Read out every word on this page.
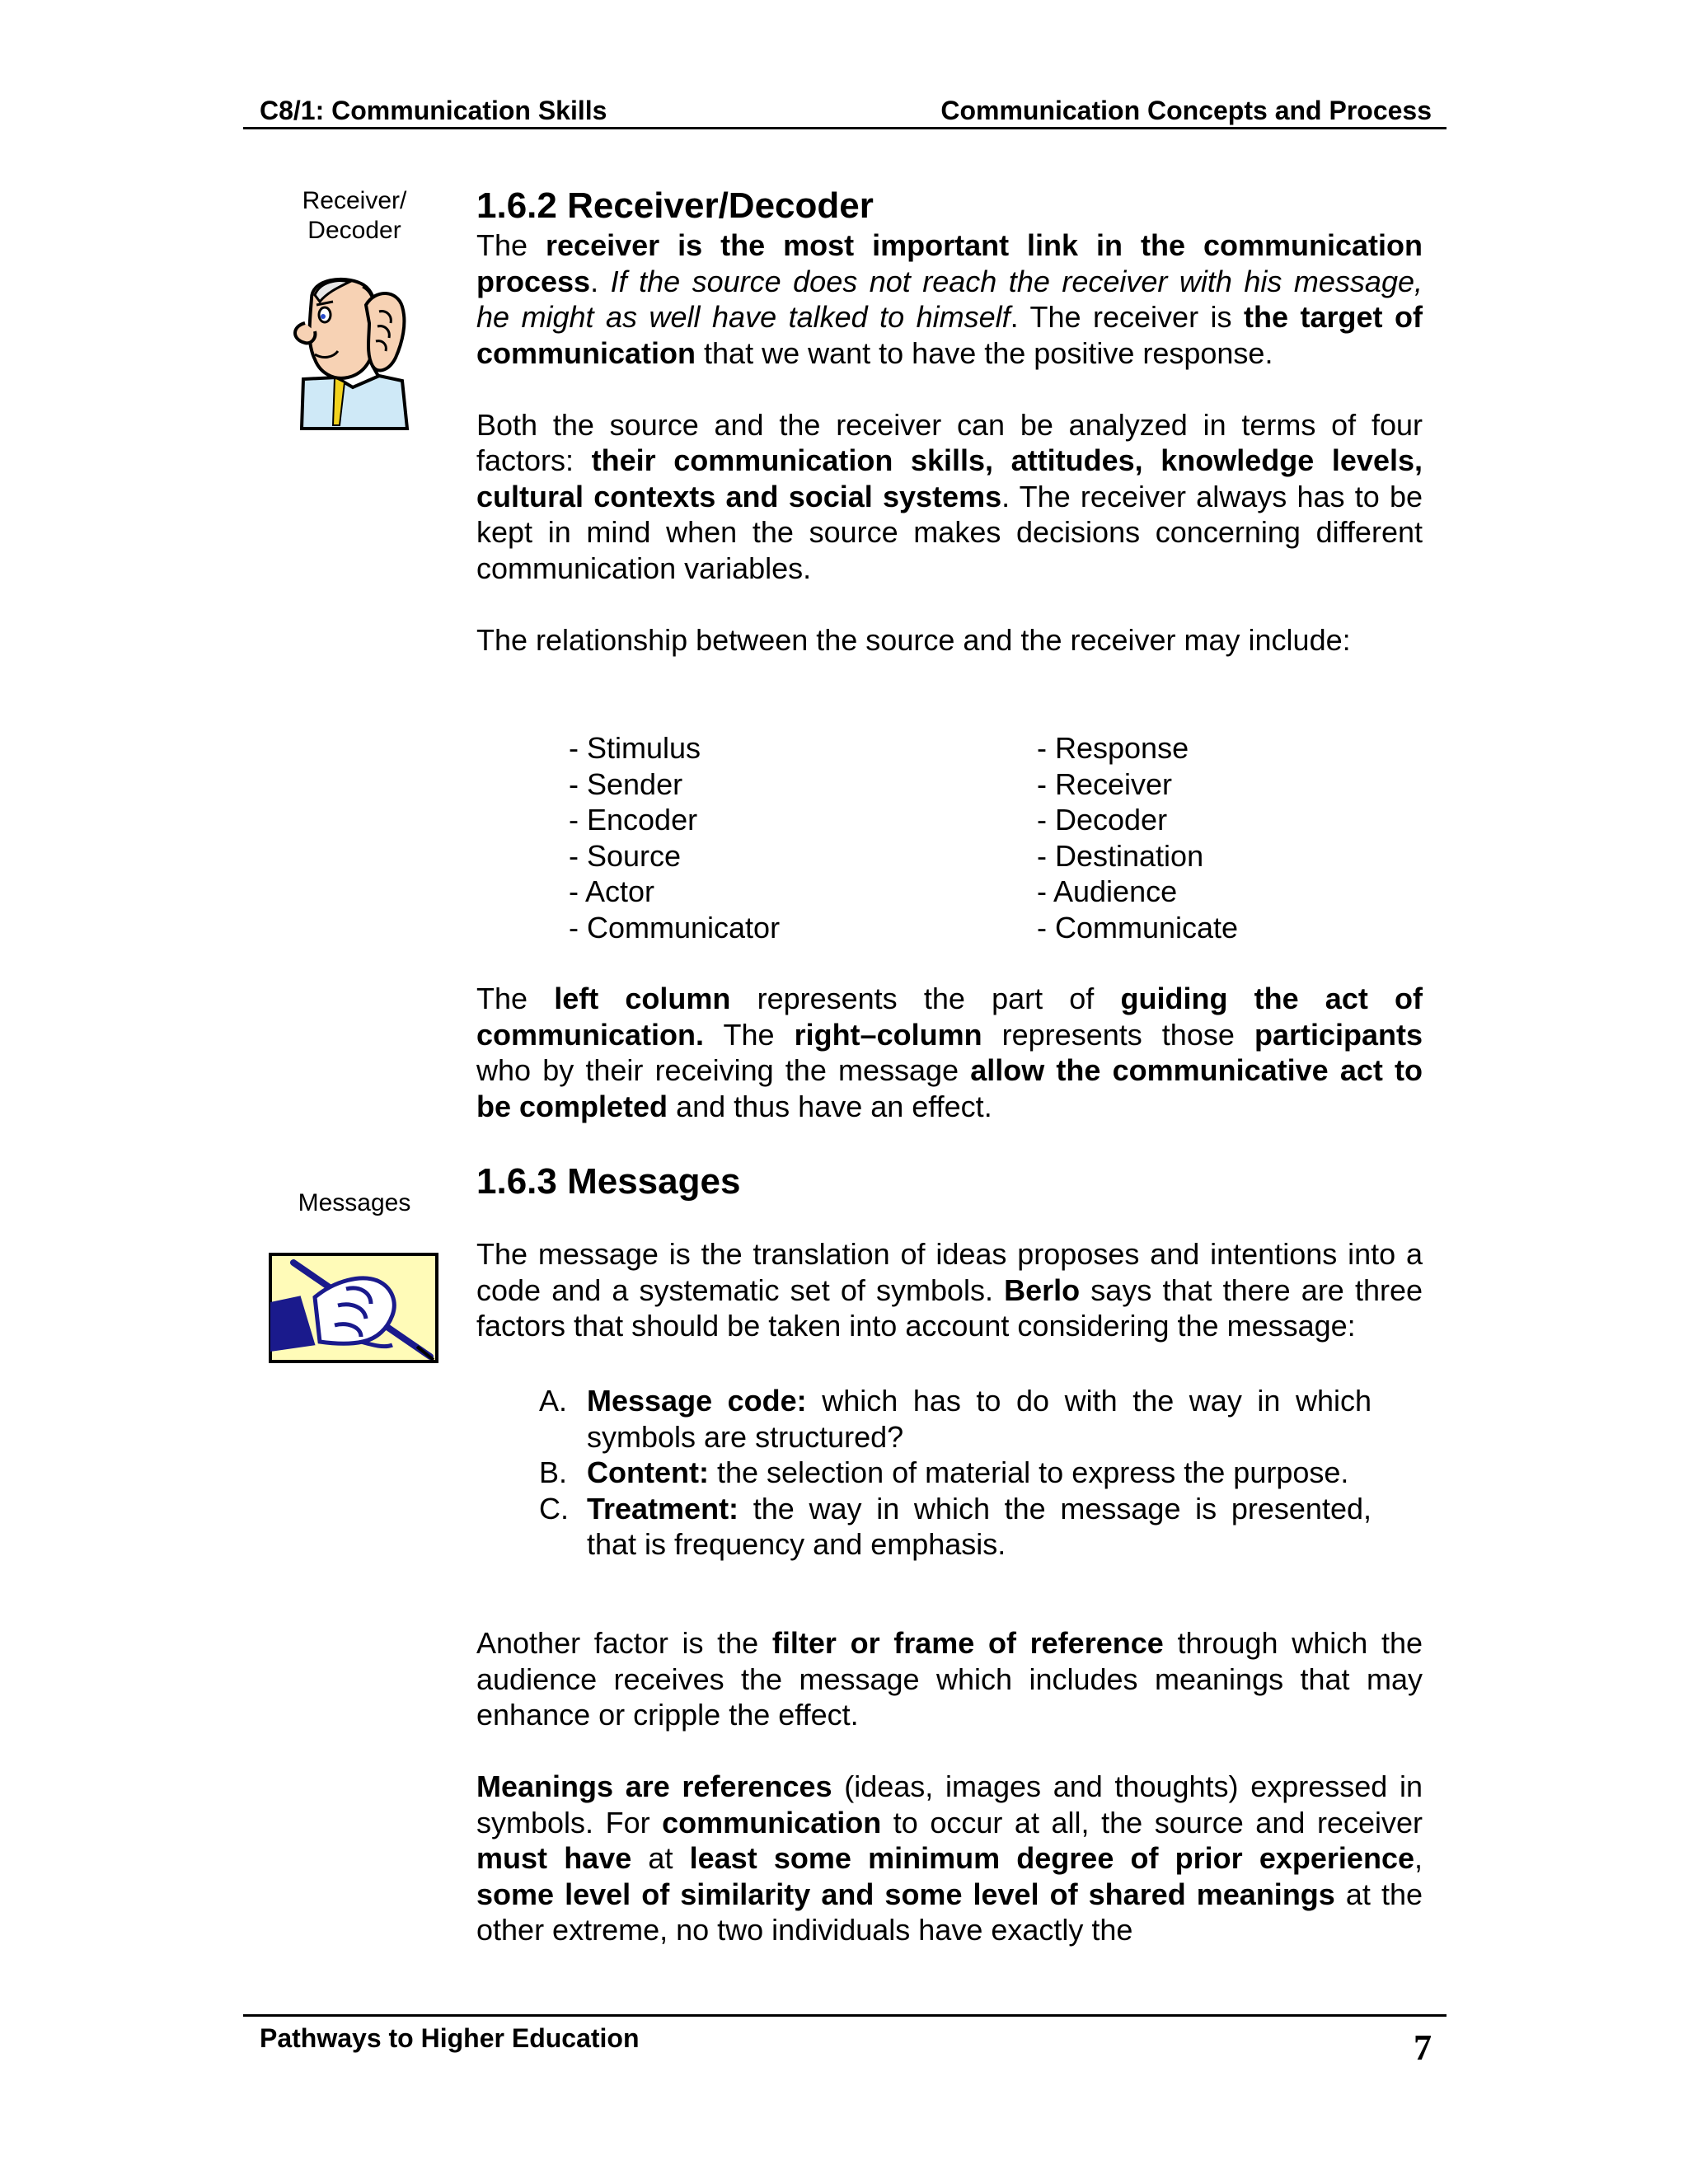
C8/1: Communication Skills	Communication Concepts and Process
Receiver/
Decoder
1.6.2 Receiver/Decoder

The receiver is the most important link in the communication process. If the source does not reach the receiver with his message, he might as well have talked to himself. The receiver is the target of communication that we want to have the positive response.

Both the source and the receiver can be analyzed in terms of four factors: their communication skills, attitudes, knowledge levels, cultural contexts and social systems. The receiver always has to be kept in mind when the source makes decisions concerning different communication variables.

The relationship between the source and the receiver may include:

- Stimulus	- Response
- Sender	- Receiver
- Encoder	- Decoder
- Source	- Destination
- Actor	- Audience
- Communicator	- Communicate

The left column represents the part of guiding the act of communication. The right–column represents those participants who by their receiving the message allow the communicative act to be completed and thus have an effect.

Messages
1.6.3 Messages

The message is the translation of ideas proposes and intentions into a code and a systematic set of symbols. Berlo says that there are three factors that should be taken into account considering the message:

A. Message code: which has to do with the way in which symbols are structured?
B. Content: the selection of material to express the purpose.
C. Treatment: the way in which the message is presented, that is frequency and emphasis.

Another factor is the filter or frame of reference through which the audience receives the message which includes meanings that may enhance or cripple the effect.

Meanings are references (ideas, images and thoughts) expressed in symbols. For communication to occur at all, the source and receiver must have at least some minimum degree of prior experience, some level of similarity and some level of shared meanings at the other extreme, no two individuals have exactly the

Pathways to Higher Education	7
